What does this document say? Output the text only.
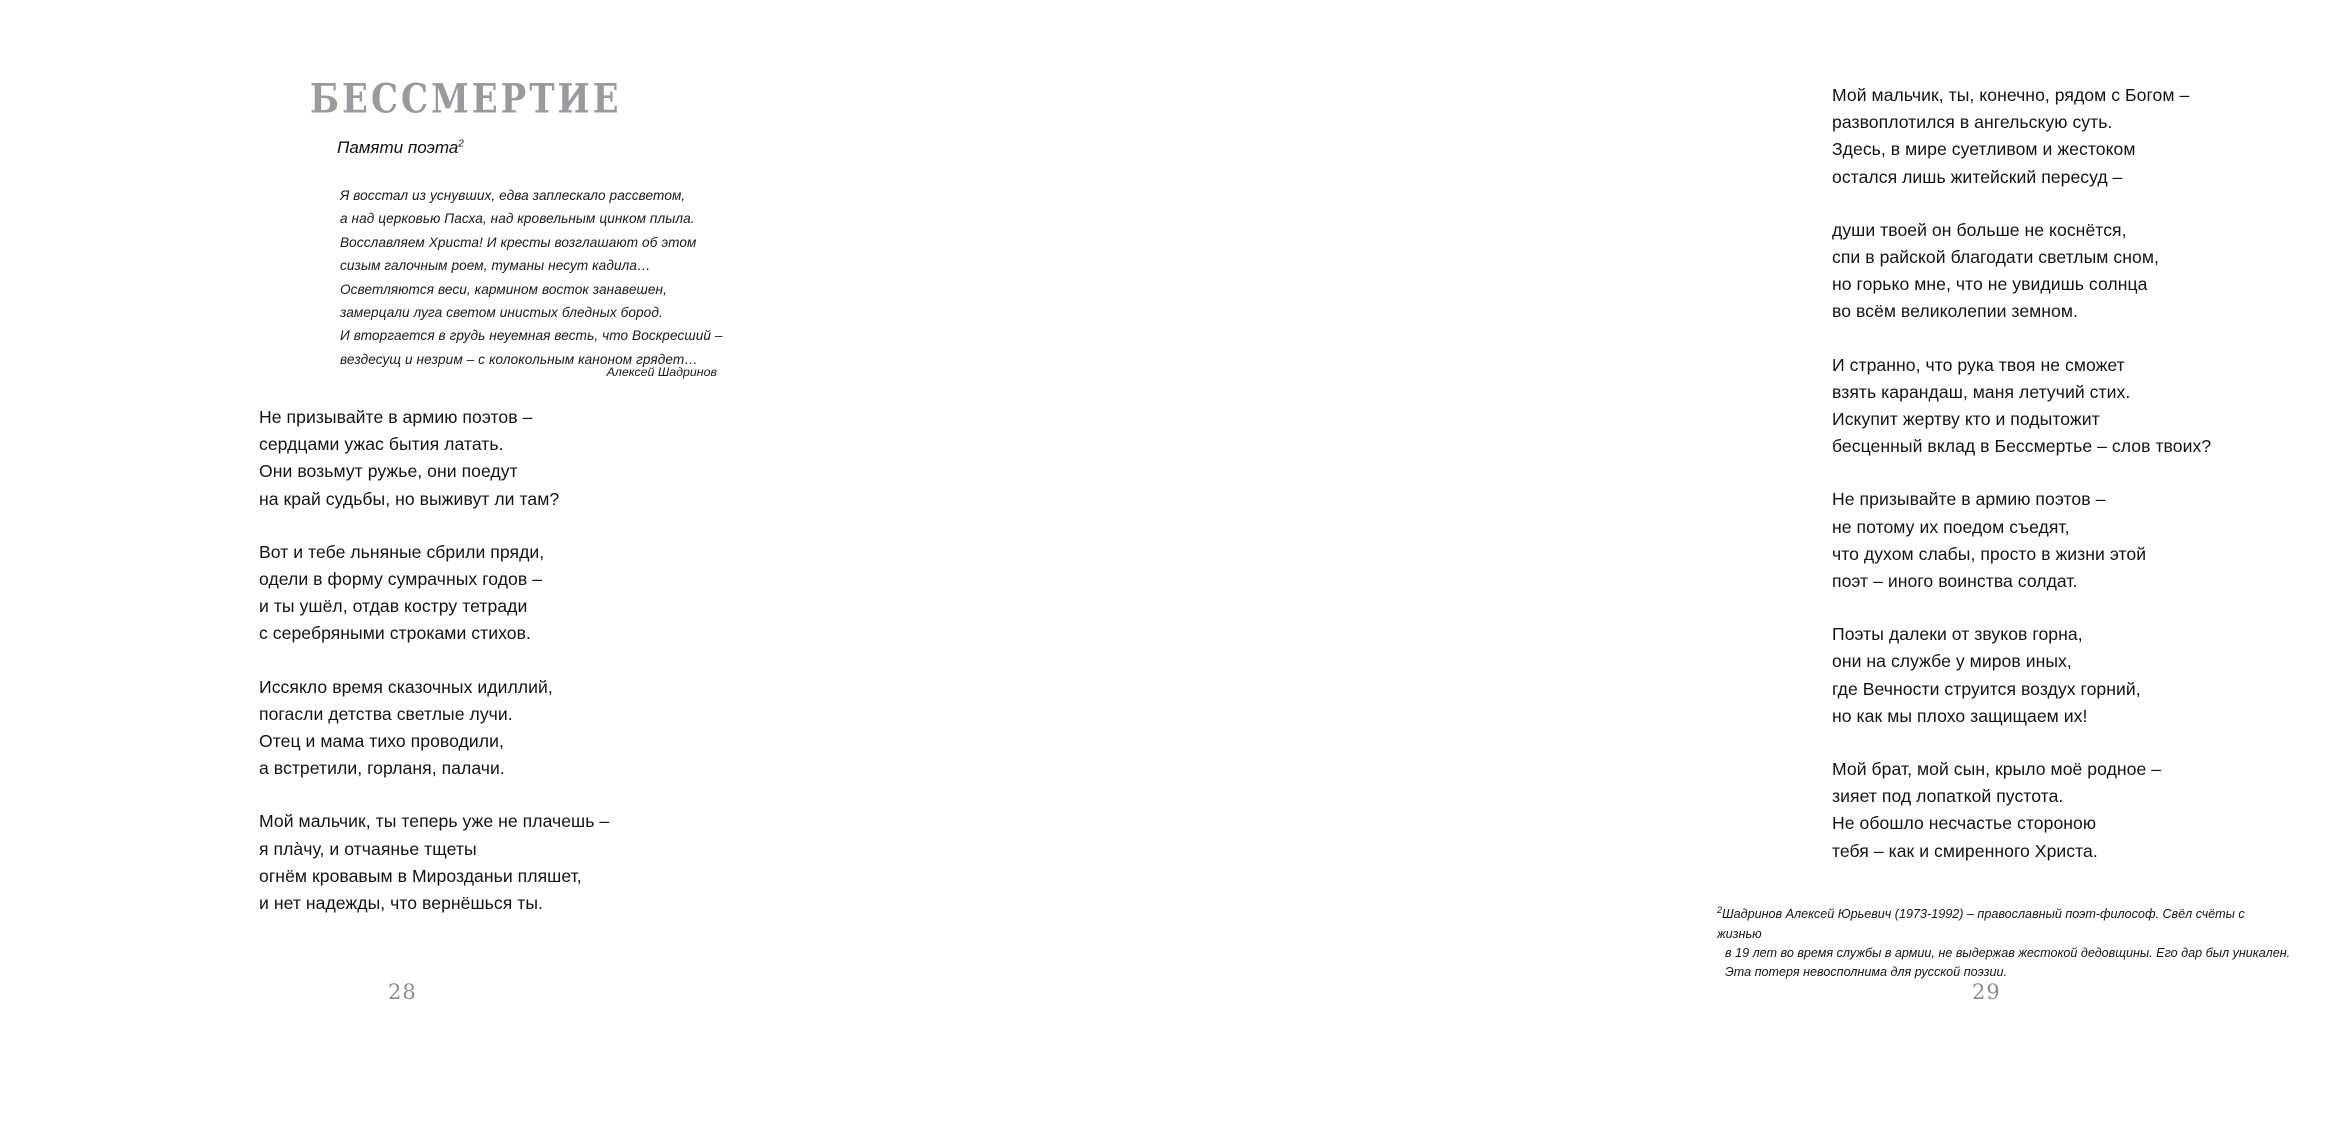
БЕССМЕРТИЕ
Памяти поэта$^2$
Я восстал из уснувших, едва заплескало рассветом,
а над церковью Пасха, над кровельным цинком плыла.
Восславляем Христа! И кресты возглашают об этом
сизым галочным роем, туманы несут кадила…
Осветляются веси, кармином восток занавешен,
замерцали луга светом инистых бледных бород.
И вторгается в грудь неуемная весть, что Воскресший –
вездесущ и незрим – с колокольным каноном грядет…
Алексей Шадринов
Не призывайте в армию поэтов –
сердцами ужас бытия латать.
Они возьмут ружье, они поедут
на край судьбы, но выживут ли там?
Вот и тебе льняные сбрили пряди,
одели в форму сумрачных годов –
и ты ушёл, отдав костру тетради
с серебряными строками стихов.
Иссякло время сказочных идиллий,
погасли детства светлые лучи.
Отец и мама тихо проводили,
а встретили, горланя, палачи.
Мой мальчик, ты теперь уже не плачешь –
я пла̀чу, и отчаянье тщеты
огнём кровавым в Мирозданьи пляшет,
и нет надежды, что вернёшься ты.
28
Мой мальчик, ты, конечно, рядом с Богом –
развоплотился в ангельскую суть.
Здесь, в мире суетливом и жестоком
остался лишь житейский пересуд –
души твоей он больше не коснётся,
спи в райской благодати светлым сном,
но горько мне, что не увидишь солнца
во всём великолепии земном.
И странно, что рука твоя не сможет
взять карандаш, маня летучий стих.
Искупит жертву кто и подытожит
бесценный вклад в Бессмертье – слов твоих?
Не призывайте в армию поэтов –
не потому их поедом съедят,
что духом слабы, просто в жизни этой
поэт – иного воинства солдат.
Поэты далеки от звуков горна,
они на службе у миров иных,
где Вечности струится воздух горний,
но как мы плохо защищаем их!
Мой брат, мой сын, крыло моё родное –
зияет под лопаткой пустота.
Не обошло несчастье стороною
тебя – как и смиренного Христа.
$^2$Шадринов Алексей Юрьевич (1973-1992) – православный поэт-философ. Свёл счёты с жизнью
в 19 лет во время службы в армии, не выдержав жестокой дедовщины. Его дар был уникален.
Эта потеря невосполнима для русской поэзии.
29
